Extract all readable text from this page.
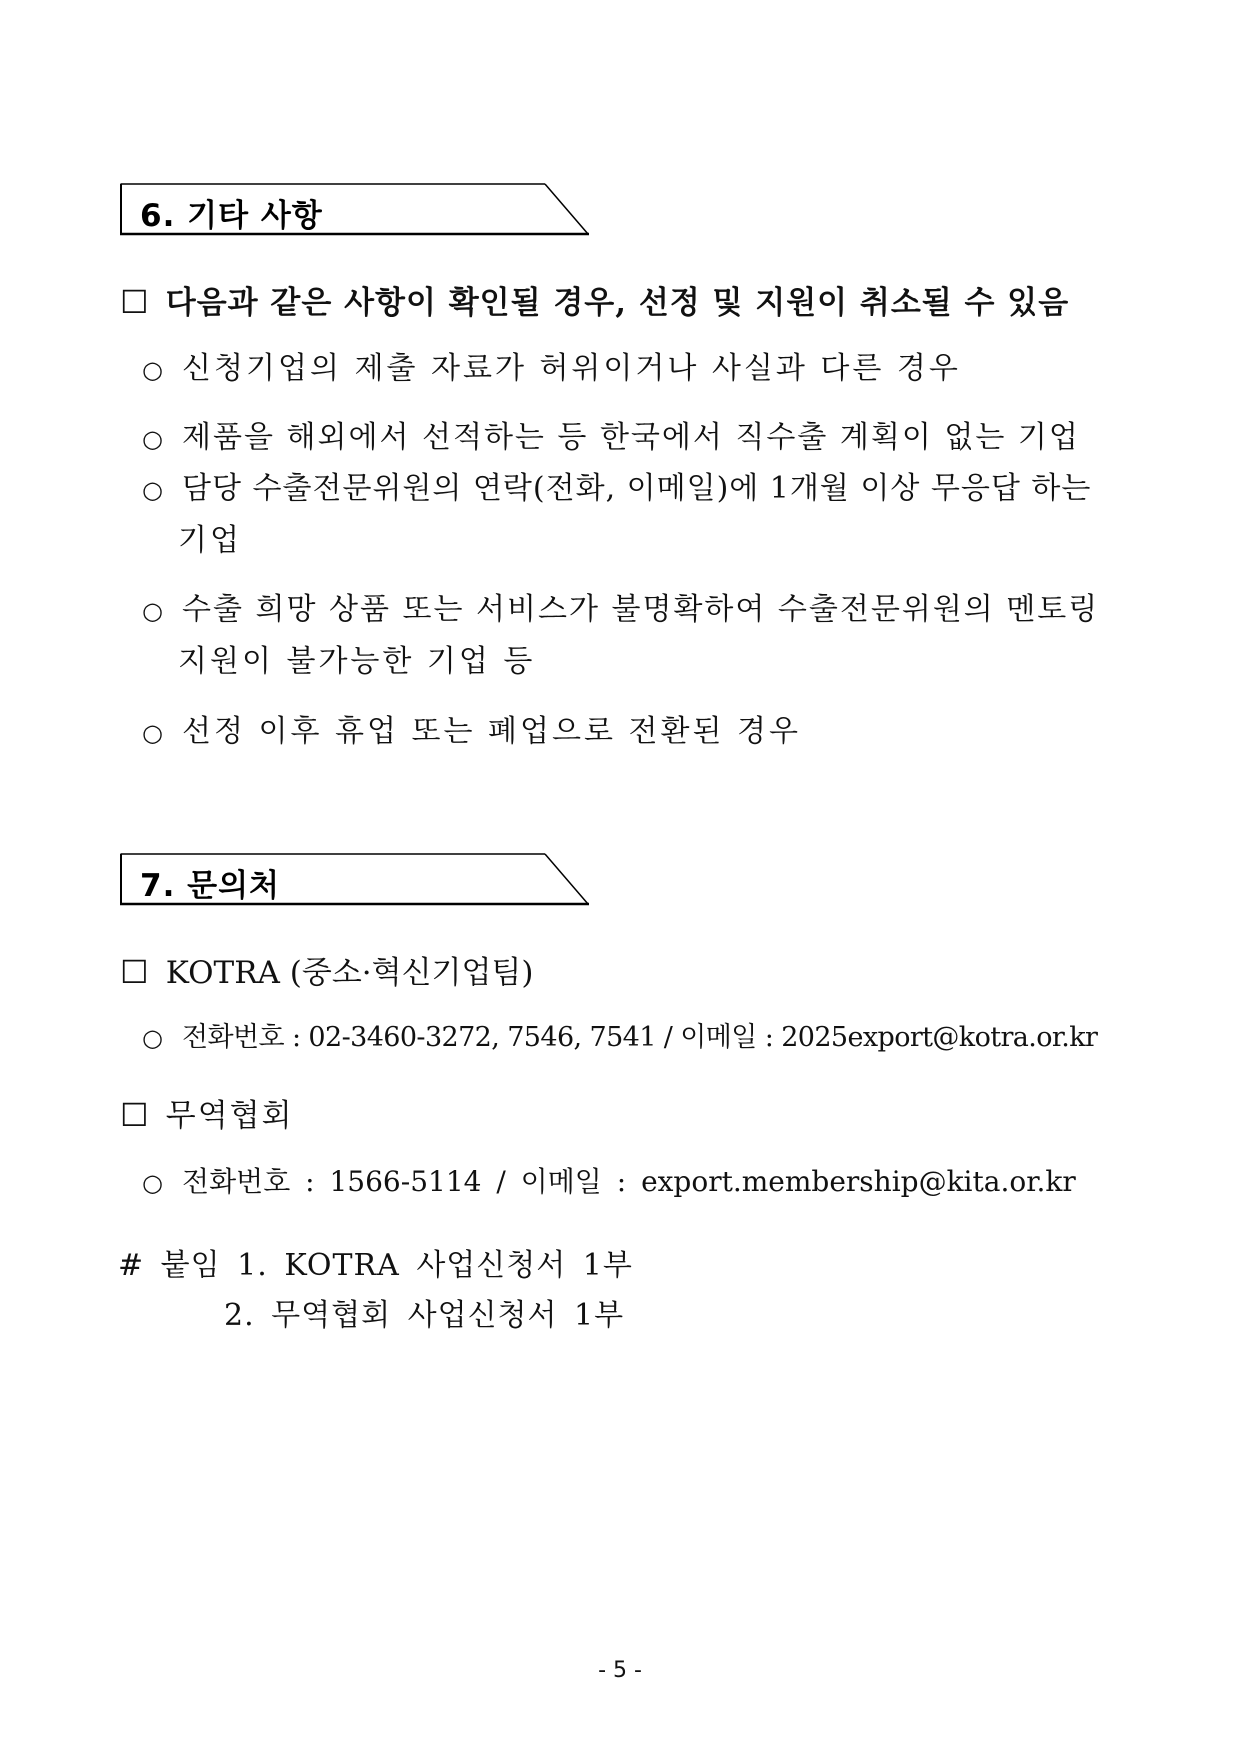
6. 기타 사항
☐ 다음과 같은 사항이 확인될 경우, 선정 및 지원이 취소될 수 있음
○ 신청기업의 제출 자료가 허위이거나 사실과 다른 경우
○ 제품을 해외에서 선적하는 등 한국에서 직수출 계획이 없는 기업
○ 담당 수출전문위원의 연락(전화, 이메일)에 1개월 이상 무응답 하는
기업
○ 수출 희망 상품 또는 서비스가 불명확하여 수출전문위원의 멘토링
지원이 불가능한 기업 등
○ 선정 이후 휴업 또는 폐업으로 전환된 경우
7. 문의처
☐ KOTRA (중소·혁신기업팀)
○ 전화번호 : 02-3460-3272, 7546, 7541 / 이메일 : 2025export@kotra.or.kr
☐ 무역협회
○ 전화번호 : 1566-5114 / 이메일 : export.membership@kita.or.kr
# 붙임 1. KOTRA 사업신청서 1부
2. 무역협회 사업신청서 1부
- 5 -
